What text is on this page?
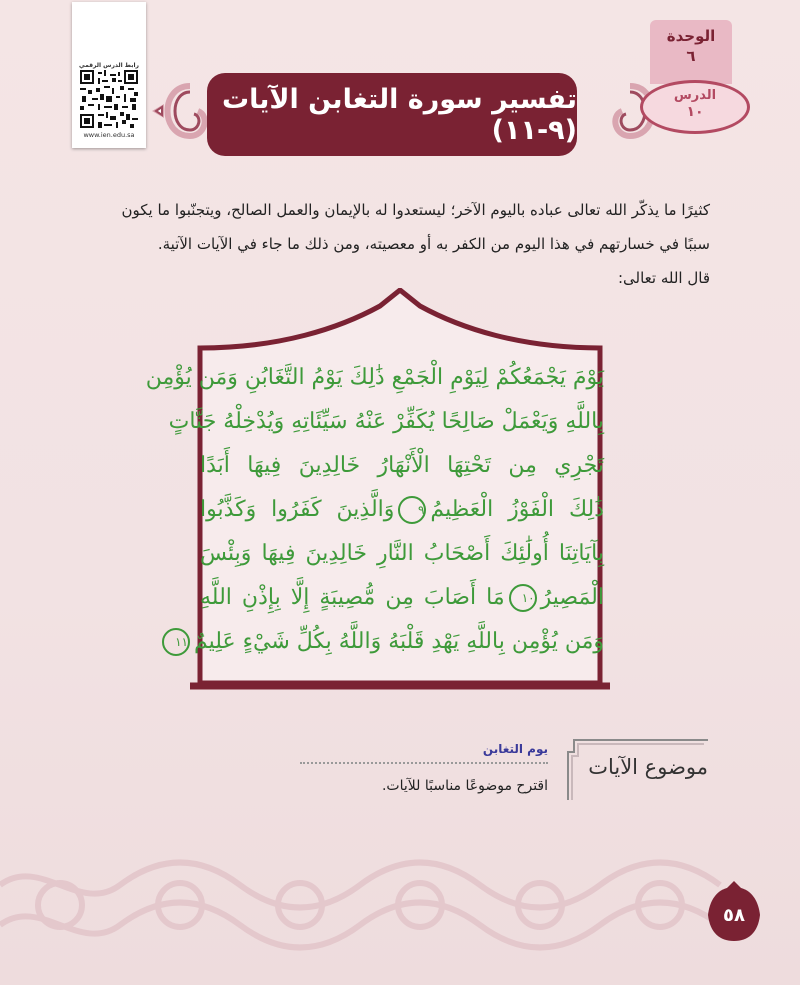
رابط الدرس الرقمي
www.ien.edu.sa
تفسير سورة التغابن الآيات (٩-١١)
الوحدة
٦
الدرس
١٠

كثيرًا ما يذكّر الله تعالى عباده باليوم الآخر؛ ليستعدوا له بالإيمان والعمل الصالح، ويتجنّبوا ما يكون

سببًا في خسارتهم في هذا اليوم من الكفر به أو معصيته، ومن ذلك ما جاء في الآيات الآتية.

قال الله تعالى:

يَوْمَ يَجْمَعُكُمْ لِيَوْمِ الْجَمْعِ ذَٰلِكَ يَوْمُ التَّغَابُنِ وَمَن يُؤْمِن
بِاللَّهِ وَيَعْمَلْ صَالِحًا يُكَفِّرْ عَنْهُ سَيِّئَاتِهِ وَيُدْخِلْهُ جَنَّاتٍ
تَجْرِي مِن تَحْتِهَا الْأَنْهَارُ خَالِدِينَ فِيهَا أَبَدًا
ذَٰلِكَ الْفَوْزُ الْعَظِيمُ٩وَالَّذِينَ كَفَرُوا وَكَذَّبُوا
بِآيَاتِنَا أُولَٰئِكَ أَصْحَابُ النَّارِ خَالِدِينَ فِيهَا وَبِئْسَ
الْمَصِيرُ١٠مَا أَصَابَ مِن مُّصِيبَةٍ إِلَّا بِإِذْنِ اللَّهِ
وَمَن يُؤْمِن بِاللَّهِ يَهْدِ قَلْبَهُ وَاللَّهُ بِكُلِّ شَيْءٍ عَلِيمٌ١١
موضوع الآيات
يوم التغابن
اقترح موضوعًا مناسبًا للآيات.
٥٨
